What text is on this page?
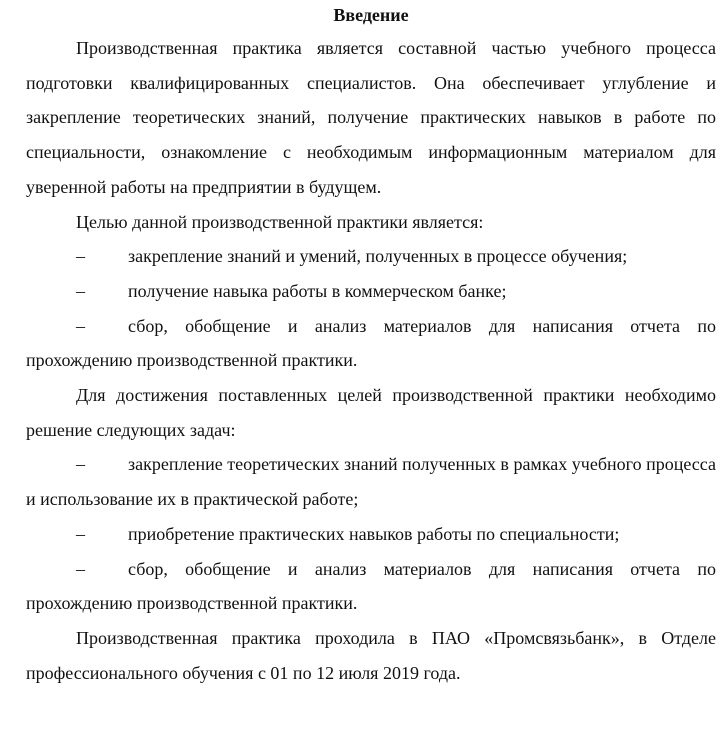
Введение

Производственная практика является составной частью учебного процесса подготовки квалифицированных специалистов. Она обеспечивает углубление и закрепление теоретических знаний, получение практических навыков в работе по специальности, ознакомление с необходимым информационным материалом для уверенной работы на предприятии в будущем.

Целью данной производственной практики является:

– закрепление знаний и умений, полученных в процессе обучения;

– получение навыка работы в коммерческом банке;

– сбор, обобщение и анализ материалов для написания отчета по прохождению производственной практики.

Для достижения поставленных целей производственной практики необходимо решение следующих задач:

– закрепление теоретических знаний полученных в рамках учебного процесса и использование их в практической работе;

– приобретение практических навыков работы по специальности;

– сбор, обобщение и анализ материалов для написания отчета по прохождению производственной практики.

Производственная практика проходила в ПАО «Промсвязьбанк», в Отделе профессионального обучения с 01 по 12 июля 2019 года.
